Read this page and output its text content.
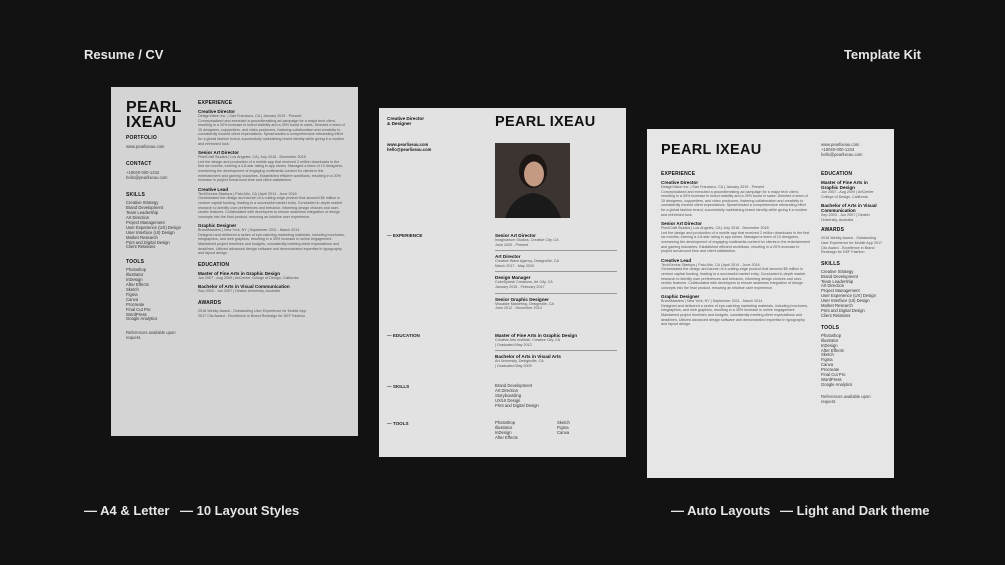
Resume / CV	Template Kit
— A4 & Letter — 10 Layout Styles	— Auto Layouts — Light and Dark theme
PEARL
IXEAU
PORTFOLIO
www.pearlixeau.com
CONTACT
+19040-000-1234
hello@pearlixeau.com
SKILLS
Creative Strategy
Brand Development
Team Leadership
Art Direction
Project Management
User Experience (UX) Design
User Interface (UI) Design
Market Research
Print and Digital Design
Client Relations
TOOLS
Photoshop
Illustrator
InDesign
After Effects
Sketch
Figma
Canva
Procreate
Final Cut Pro
WordPress
Google Analytics
References available upon request.
EXPERIENCE
Creative Director
DesignVision Inc. | San Francisco, CA | January 2019 - Present
Conceptualized and executed a groundbreaking ad campaign for a major tech client, resulting in a 30% increase in brand visibility and a 25% boost in sales. Directed a team of 15 designers, copywriters, and video producers, fostering collaboration and creativity to consistently exceed client expectations. Spearheaded a comprehensive rebranding effort for a global fashion brand, successfully maintaining brand identity while giving it a modern and refreshed look.
Senior Art Director
PixelCraft Studios | Los Angeles, CA | July 2016 - December 2018
Led the design and production of a mobile app that received 2 million downloads in the first six months, earning a 4.8-star rating in app stores. Managed a team of 10 designers, overseeing the development of engaging multimedia content for clients in the entertainment and gaming industries. Established efficient workflows, resulting in a 20% increase in project turnaround time and client satisfaction.
Creative Lead
TechGenius Startups | Palo Alto, CA | April 2014 - June 2016
Orchestrated the design and launch of a cutting-edge product that secured $5 million in venture capital funding, leading to a successful market entry. Conducted in-depth market research to identify user preferences and behavior, informing design choices and user-centric features. Collaborated with developers to ensure seamless integration of design concepts into the final product, ensuring an intuitive user experience.
Graphic Designer
BrandMasters | New York, NY | September 2011 - March 2014
Designed and delivered a series of eye-catching marketing materials, including brochures, infographics, and web graphics, resulting in a 30% increase in online engagement. Maintained project timelines and budgets, consistently meeting client expectations and deadlines. Utilized advanced design software and demonstrated expertise in typography and layout design.
EDUCATION
Master of Fine Arts in Graphic Design
Jun 2007 - Aug 2009 | ArtCenter College of Design, California
Bachelor of Arts in Visual Communication
Sep 2003 - Jun 2007 | Deakin University, Australia
AWARDS
2018 Webby Award - Outstanding User Experience for Mobile App
2017 Clio Award - Excellence in Brand Redesign for DEF Fashion
Creative Director & Designer	PEARL IXEAU
www.pearlixeau.com
hello@pearlixeau.com
— EXPERIENCE	Senior Art Director
Imaginarium Studios, Creative City, CA
June 2020 - Present
Art Director
Creative Wave Agency, Designville, CA
March 2017 - May 2020
Design Manager
ColorSplash Creations, Art City, CA
January 2015 - February 2017
Senior Graphic Designer
Visualize Marketing, Designville, CA
June 2012 - December 2014
— EDUCATION	Master of Fine Arts in Graphic Design
Creative Arts Institute, Creative City, CA
| Graduated May 2012
Bachelor of Arts in Visual Arts
Art University, Designville, CA
| Graduated May 2009
— SKILLS	Brand Development
Art Direction
Storyboarding
UX/UI Design
Print and Digital Design
— TOOLS	Photoshop
Illustrator
InDesign
After Effects
Sketch
Figma
Canva
PEARL IXEAU	www.pearlixeau.com
+19040-000-1234
hello@pearlixeau.com
EXPERIENCE
Creative Director
DesignVision Inc. | San Francisco, CA | January 2019 - Present
Conceptualized and executed a groundbreaking ad campaign for a major tech client, resulting in a 30% increase in brand visibility and a 25% boost in sales. Directed a team of 15 designers, copywriters, and video producers, fostering collaboration and creativity to consistently exceed client expectations. Spearheaded a comprehensive rebranding effort for a global fashion brand, successfully maintaining brand identity while giving it a modern and refreshed look.
Senior Art Director
PixelCraft Studios | Los Angeles, CA | July 2016 - December 2018
Led the design and production of a mobile app that received 2 million downloads in the first six months, earning a 4.8-star rating in app stores. Managed a team of 10 designers, overseeing the development of engaging multimedia content for clients in the entertainment and gaming industries. Established efficient workflows, resulting in a 20% increase in project turnaround time and client satisfaction.
Creative Lead
TechGenius Startups | Palo Alto, CA | April 2014 - June 2016
Orchestrated the design and launch of a cutting-edge product that secured $5 million in venture capital funding, leading to a successful market entry. Conducted in-depth market research to identify user preferences and behavior, informing design choices and user-centric features. Collaborated with developers to ensure seamless integration of design concepts into the final product, ensuring an intuitive user experience.
Graphic Designer
BrandMasters | New York, NY | September 2011 - March 2014
Designed and delivered a series of eye-catching marketing materials, including brochures, infographics, and web graphics, resulting in a 30% increase in online engagement. Maintained project timelines and budgets, consistently meeting client expectations and deadlines. Utilized advanced design software and demonstrated expertise in typography and layout design.
EDUCATION
Master of Fine Arts in Graphic Design
Jun 2007 - Aug 2009 | ArtCenter College of Design, California
Bachelor of Arts in Visual Communication
Sep 2003 - Jun 2007 | Deakin University, Australia
AWARDS
2018 Webby Award - Outstanding User Experience for Mobile App 2017 Clio Award - Excellence in Brand Redesign for DEF Fashion
SKILLS
Creative Strategy
Brand Development
Team Leadership
Art Direction
Project Management
User Experience (UX) Design
User Interface (UI) Design
Market Research
Print and Digital Design
Client Relations
TOOLS
Photoshop
Illustrator
InDesign
After Effects
Sketch
Figma
Canva
Procreate
Final Cut Pro
WordPress
Google Analytics
References available upon request.
